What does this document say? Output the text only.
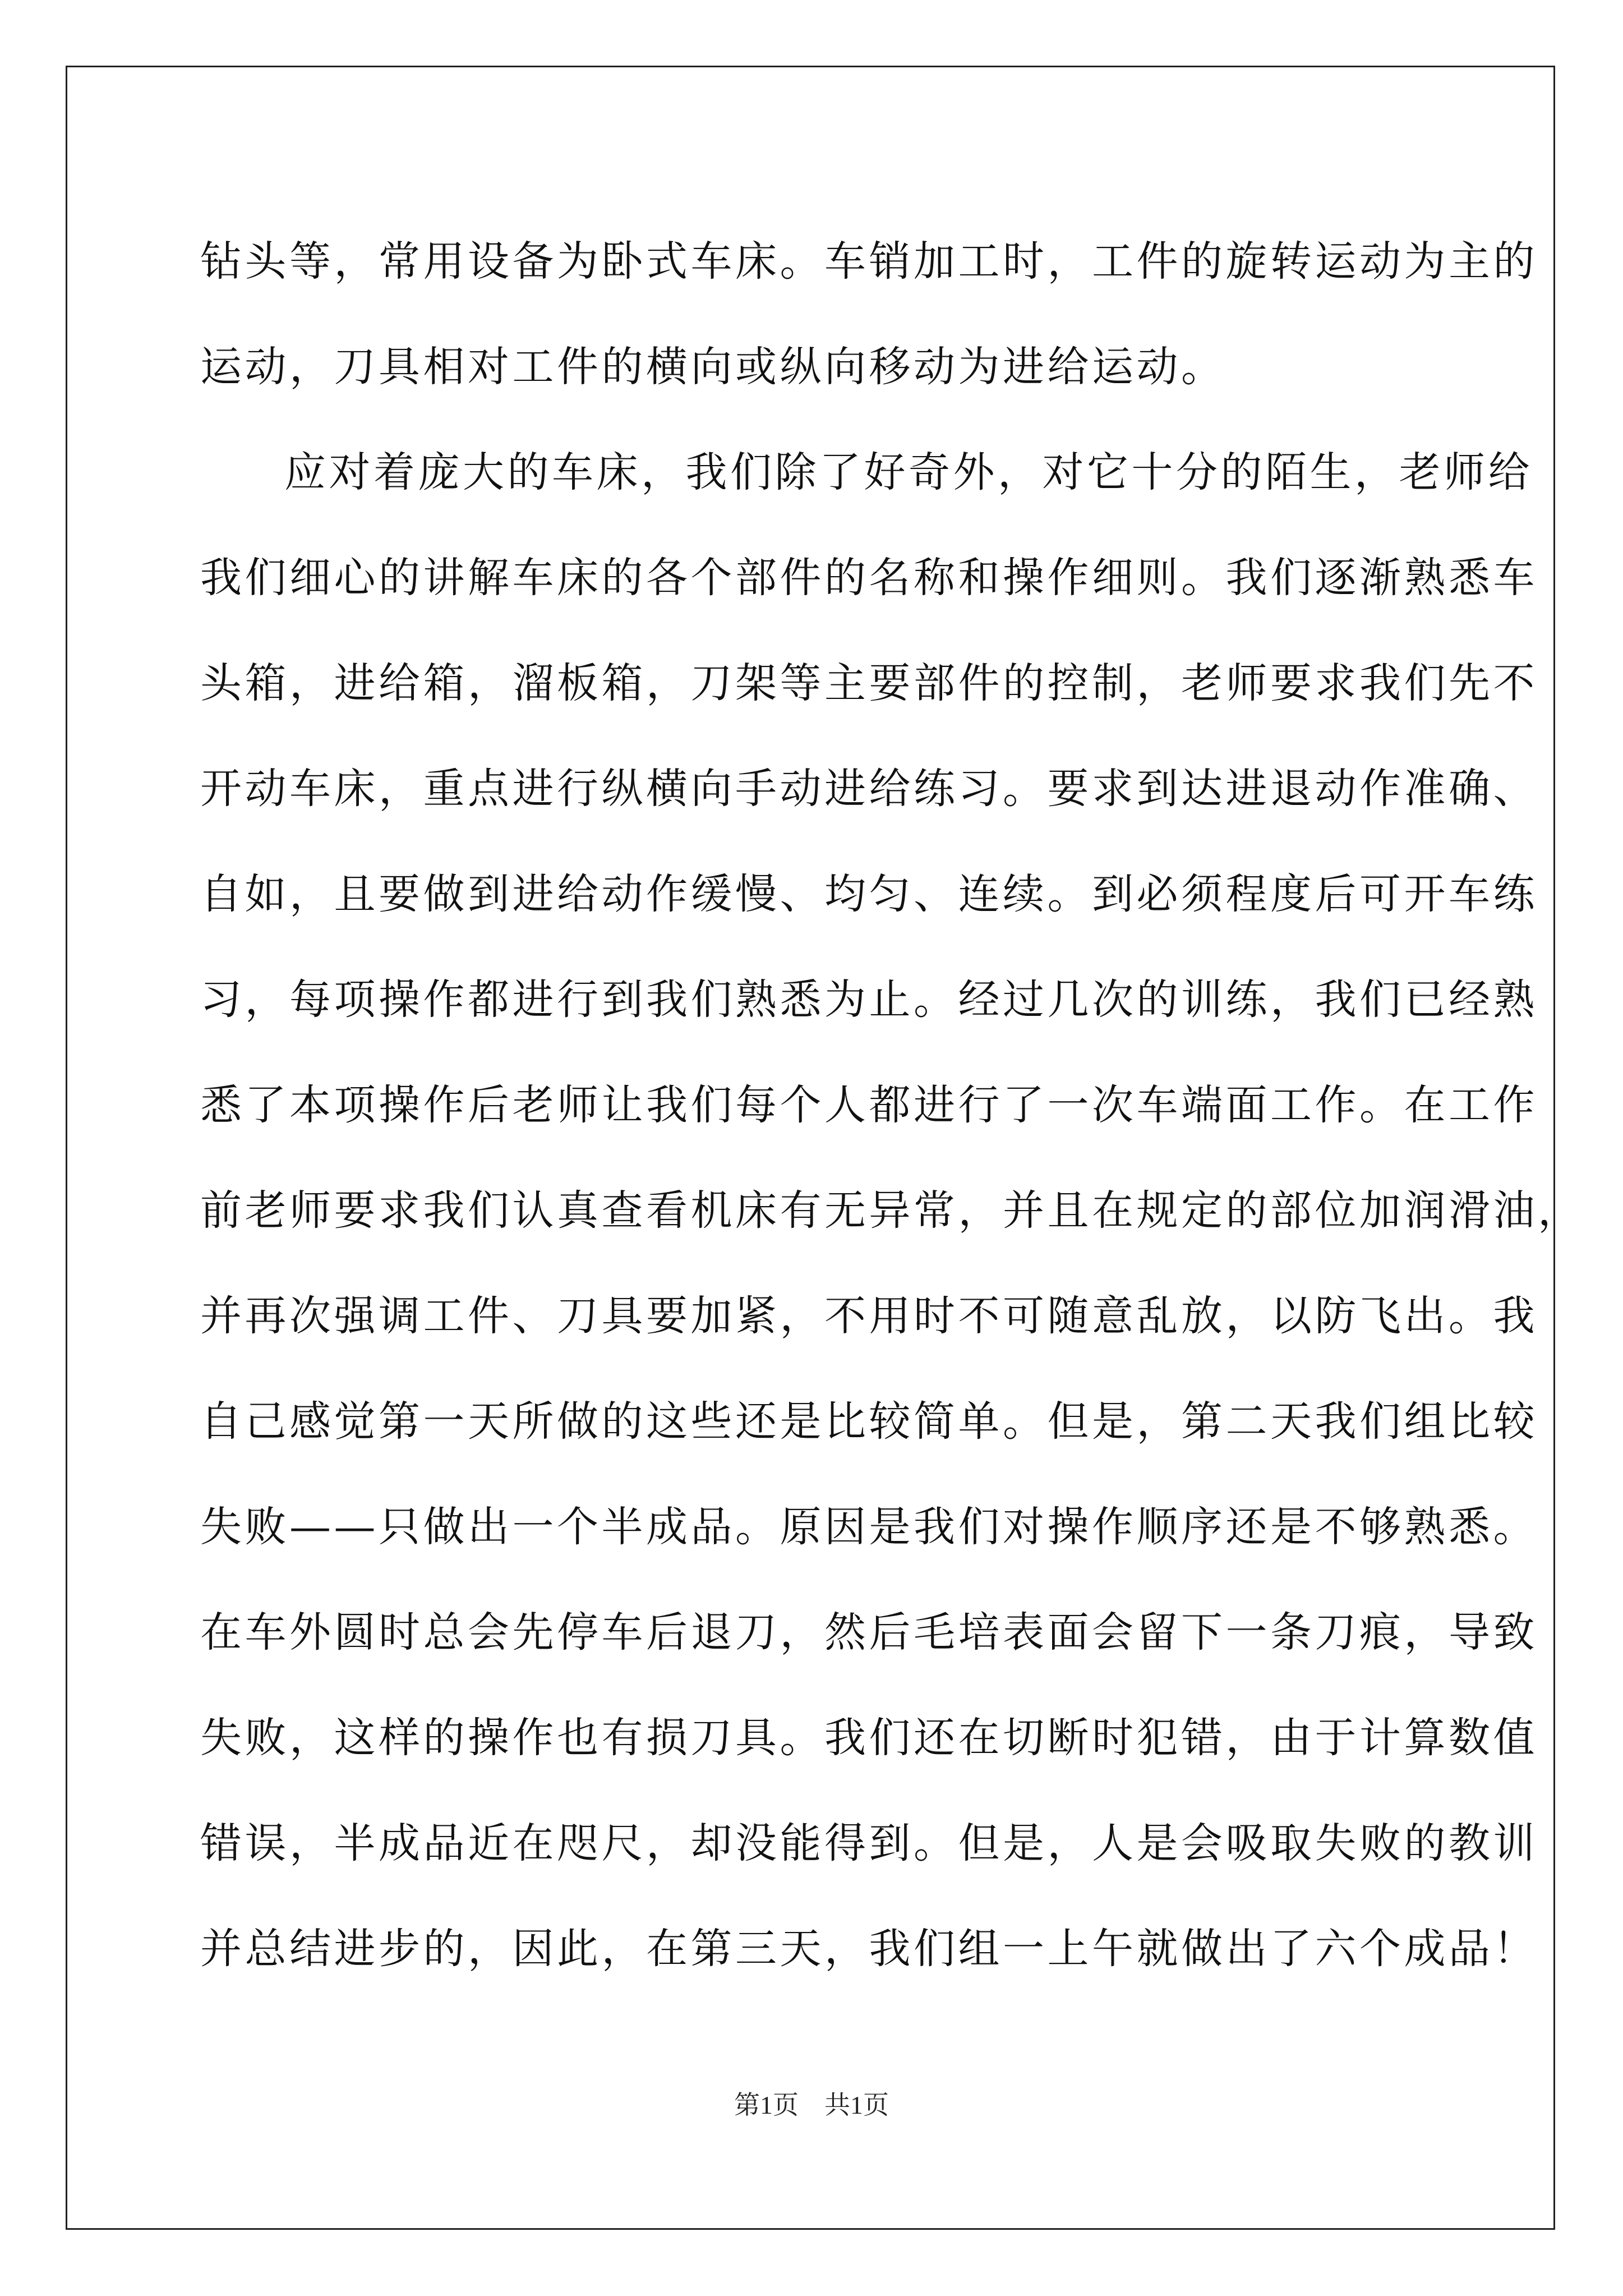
钻头等，常用设备为卧式车床。车销加工时，工件的旋转运动为主的
运动，刀具相对工件的横向或纵向移动为进给运动。
应对着庞大的车床，我们除了好奇外，对它十分的陌生，老师给
我们细心的讲解车床的各个部件的名称和操作细则。我们逐渐熟悉车
头箱，进给箱，溜板箱，刀架等主要部件的控制，老师要求我们先不
开动车床，重点进行纵横向手动进给练习。要求到达进退动作准确、
自如，且要做到进给动作缓慢、均匀、连续。到必须程度后可开车练
习，每项操作都进行到我们熟悉为止。经过几次的训练，我们已经熟
悉了本项操作后老师让我们每个人都进行了一次车端面工作。在工作
前老师要求我们认真查看机床有无异常，并且在规定的部位加润滑油，
并再次强调工件、刀具要加紧，不用时不可随意乱放，以防飞出。我
自己感觉第一天所做的这些还是比较简单。但是，第二天我们组比较
失败——只做出一个半成品。原因是我们对操作顺序还是不够熟悉。
在车外圆时总会先停车后退刀，然后毛培表面会留下一条刀痕，导致
失败，这样的操作也有损刀具。我们还在切断时犯错，由于计算数值
错误，半成品近在咫尺，却没能得到。但是，人是会吸取失败的教训
并总结进步的，因此，在第三天，我们组一上午就做出了六个成品！
第1页　共1页
